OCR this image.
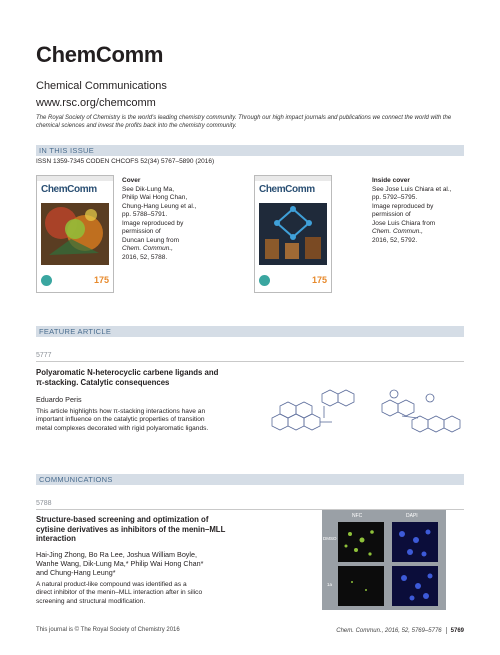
ChemComm
Chemical Communications
www.rsc.org/chemcomm
The Royal Society of Chemistry is the world's leading chemistry community. Through our high impact journals and publications we connect the world with the chemical sciences and invest the profits back into the chemistry community.
IN THIS ISSUE
ISSN 1359-7345 CODEN CHCOFS 52(34) 5767–5890 (2016)
ChemComm
175
Cover
See Dik-Lung Ma,
Philip Wai Hong Chan,
Chung-Hang Leung et al.,
pp. 5788–5791.
Image reproduced by
permission of
Duncan Leung from
Chem. Commun.,
2016, 52, 5788.
ChemComm
175
Inside cover
See Jose Luis Chiara et al.,
pp. 5792–5795.
Image reproduced by
permission of
Jose Luis Chiara from
Chem. Commun.,
2016, 52, 5792.
FEATURE ARTICLE
5777
Polyaromatic N-heterocyclic carbene ligands and
π-stacking. Catalytic consequences
Eduardo Peris
This article highlights how π-stacking interactions have an
important influence on the catalytic properties of transition
metal complexes decorated with rigid polyaromatic ligands.
COMMUNICATIONS
5788
Structure-based screening and optimization of
cytisine derivatives as inhibitors of the menin–MLL
interaction
Hai-Jing Zhong, Bo Ra Lee, Joshua William Boyle,
Wanhe Wang, Dik-Lung Ma,* Philip Wai Hong Chan*
and Chung-Hang Leung*
A natural product-like compound was identified as a
direct inhibitor of the menin–MLL interaction after in silico
screening and structural modification.
NFC	DAPI
DMSO
1a
This journal is © The Royal Society of Chemistry 2016	Chem. Commun., 2016, 52, 5769–5776 5769
